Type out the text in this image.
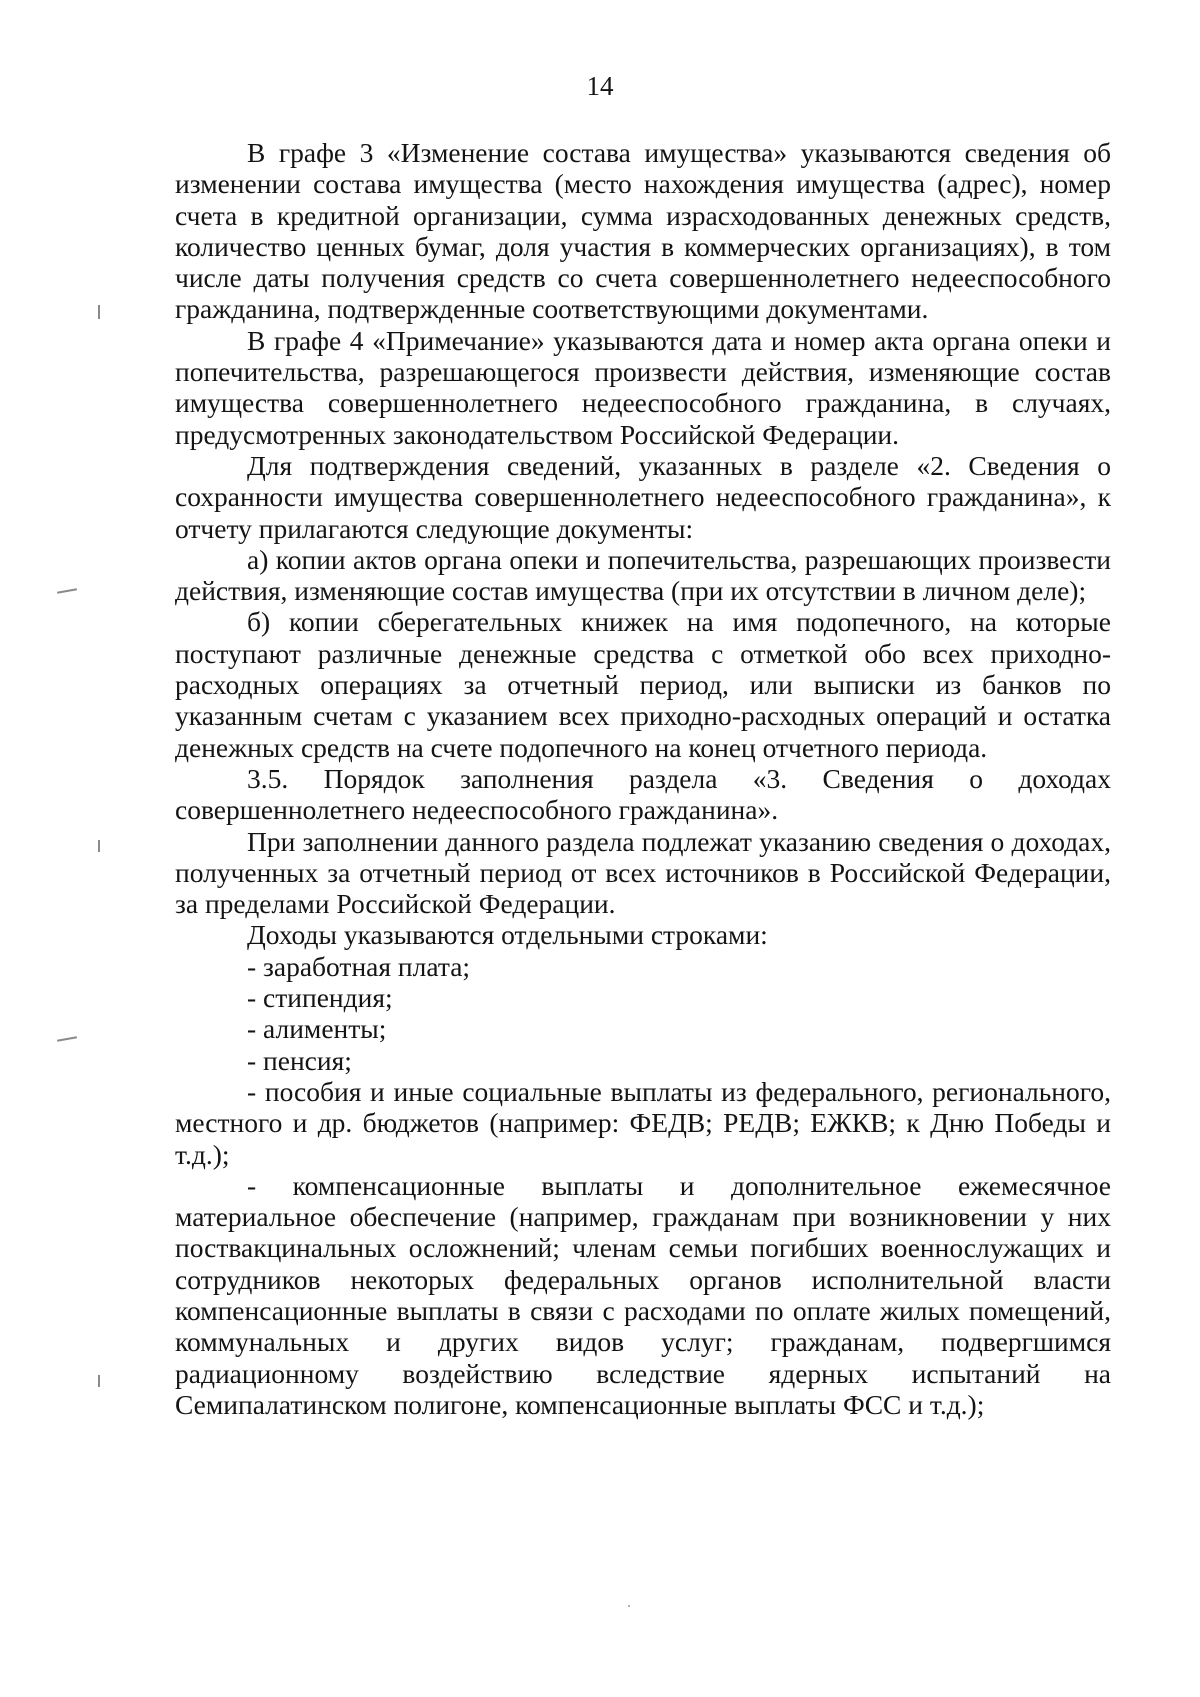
14

В графе 3 «Изменение состава имущества» указываются сведения об изменении состава имущества (место нахождения имущества (адрес), номер счета в кредитной организации, сумма израсходованных денежных средств, количество ценных бумаг, доля участия в коммерческих организациях), в том числе даты получения средств со счета совершеннолетнего недееспособного гражданина, подтвержденные соответствующими документами.

В графе 4 «Примечание» указываются дата и номер акта органа опеки и попечительства, разрешающегося произвести действия, изменяющие состав имущества совершеннолетнего недееспособного гражданина, в случаях, предусмотренных законодательством Российской Федерации.

Для подтверждения сведений, указанных в разделе «2. Сведения о сохранности имущества совершеннолетнего недееспособного гражданина», к отчету прилагаются следующие документы:

а) копии актов органа опеки и попечительства, разрешающих произвести действия, изменяющие состав имущества (при их отсутствии в личном деле);

б) копии сберегательных книжек на имя подопечного, на которые поступают различные денежные средства с отметкой обо всех приходно-расходных операциях за отчетный период, или выписки из банков по указанным счетам с указанием всех приходно-расходных операций и остатка денежных средств на счете подопечного на конец отчетного периода.

3.5. Порядок заполнения раздела «3. Сведения о доходах совершеннолетнего недееспособного гражданина».

При заполнении данного раздела подлежат указанию сведения о доходах, полученных за отчетный период от всех источников в Российской Федерации, за пределами Российской Федерации.

Доходы указываются отдельными строками:

- заработная плата;

- стипендия;

- алименты;

- пенсия;

- пособия и иные социальные выплаты из федерального, регионального, местного и др. бюджетов (например: ФЕДВ; РЕДВ; ЕЖКВ; к Дню Победы и т.д.);

- компенсационные выплаты и дополнительное ежемесячное материальное обеспечение (например, гражданам при возникновении у них поствакцинальных осложнений; членам семьи погибших военнослужащих и сотрудников некоторых федеральных органов исполнительной власти компенсационные выплаты в связи с расходами по оплате жилых помещений, коммунальных и других видов услуг; гражданам, подвергшимся радиационному воздействию вследствие ядерных испытаний на Семипалатинском полигоне, компенсационные выплаты ФСС и т.д.);
